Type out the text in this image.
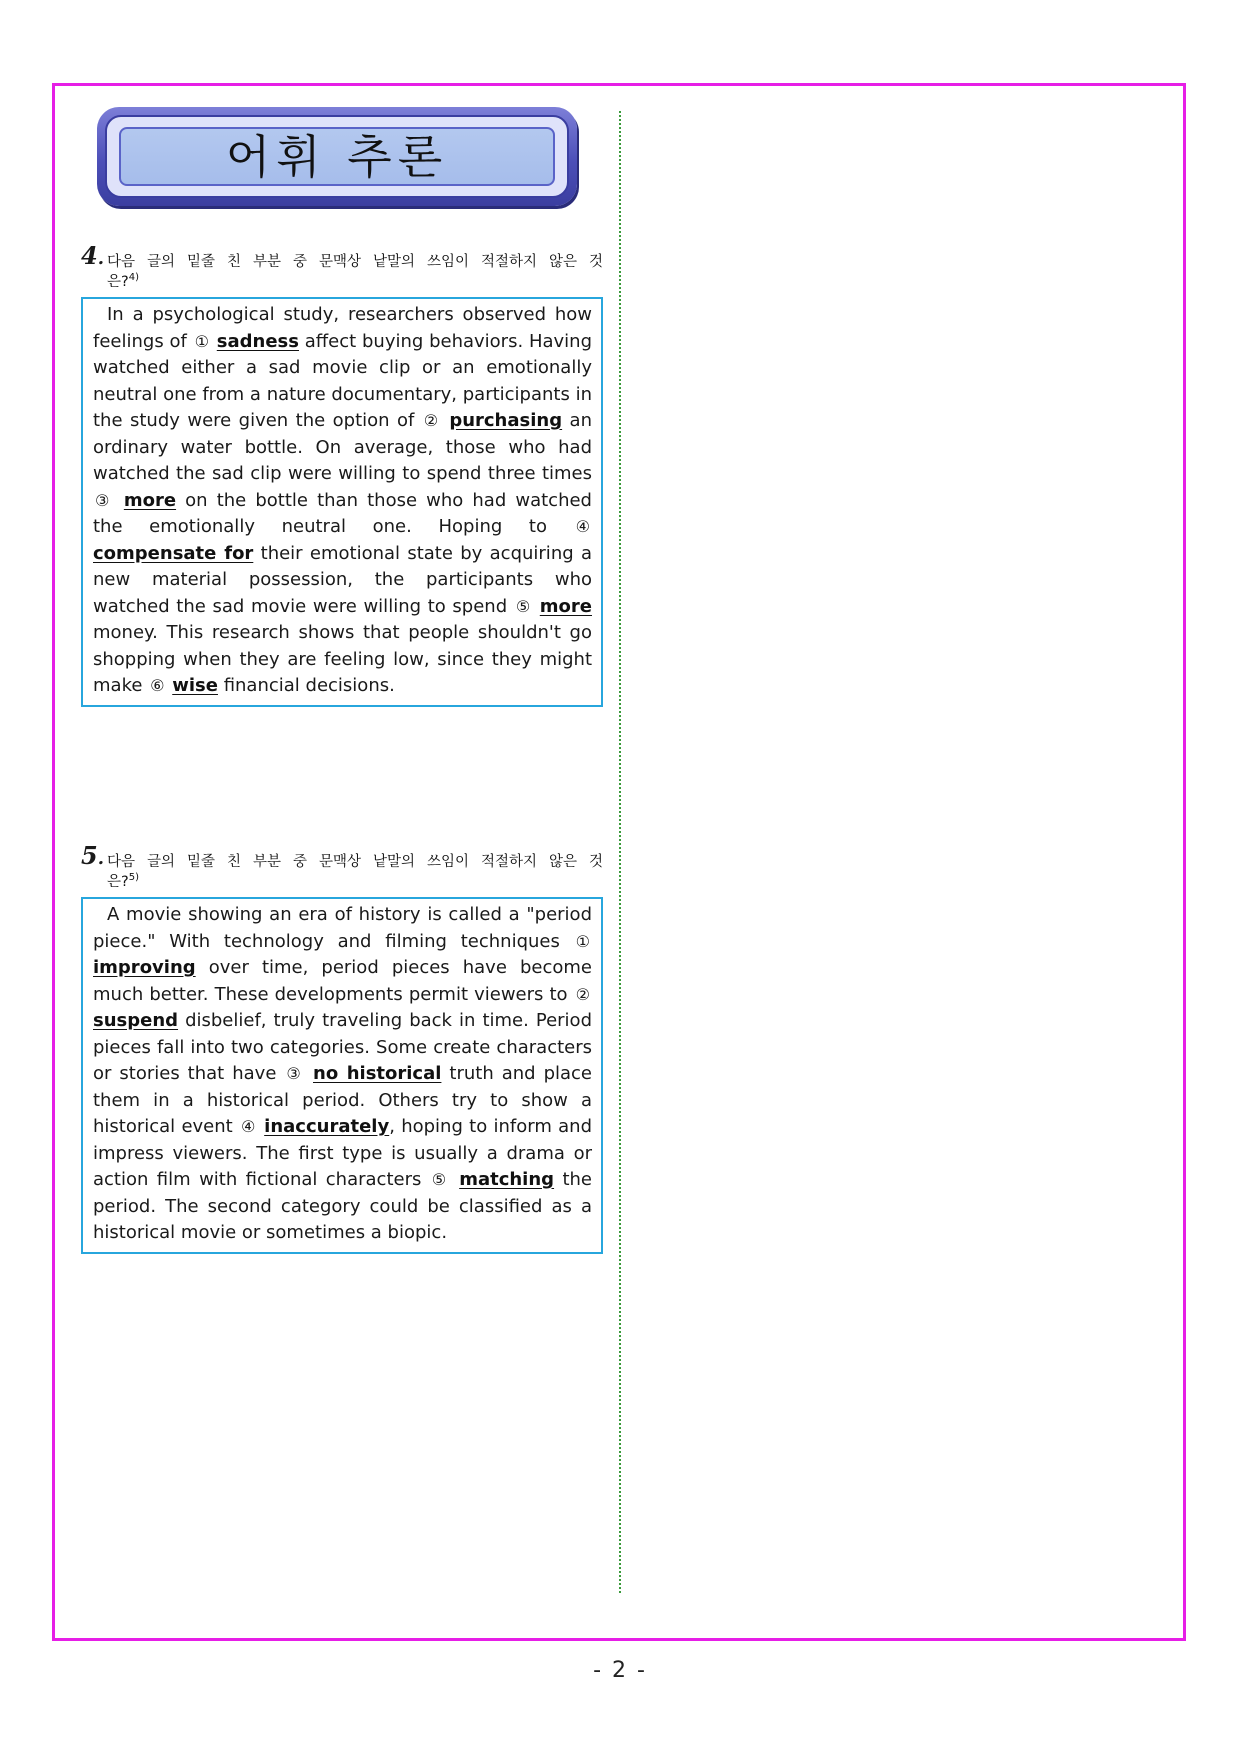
어휘 추론
4. 다음 글의 밑줄 친 부분 중 문맥상 낱말의 쓰임이 적절하지 않은 것은?$^{4)}$
In a psychological study, researchers observed how feelings of ① sadness affect buying behaviors. Having watched either a sad movie clip or an emotionally neutral one from a nature documentary, participants in the study were given the option of ② purchasing an ordinary water bottle. On average, those who had watched the sad clip were willing to spend three times ③ more on the bottle than those who had watched the emotionally neutral one. Hoping to ④ compensate for their emotional state by acquiring a new material possession, the participants who watched the sad movie were willing to spend ⑤ more money. This research shows that people shouldn't go shopping when they are feeling low, since they might make ⑥ wise financial decisions.
5. 다음 글의 밑줄 친 부분 중 문맥상 낱말의 쓰임이 적절하지 않은 것은?$^{5)}$
A movie showing an era of history is called a "period piece." With technology and filming techniques ① improving over time, period pieces have become much better. These developments permit viewers to ② suspend disbelief, truly traveling back in time. Period pieces fall into two categories. Some create characters or stories that have ③ no historical truth and place them in a historical period. Others try to show a historical event ④ inaccurately, hoping to inform and impress viewers. The first type is usually a drama or action film with fictional characters ⑤ matching the period. The second category could be classified as a historical movie or sometimes a biopic.
- 2 -
